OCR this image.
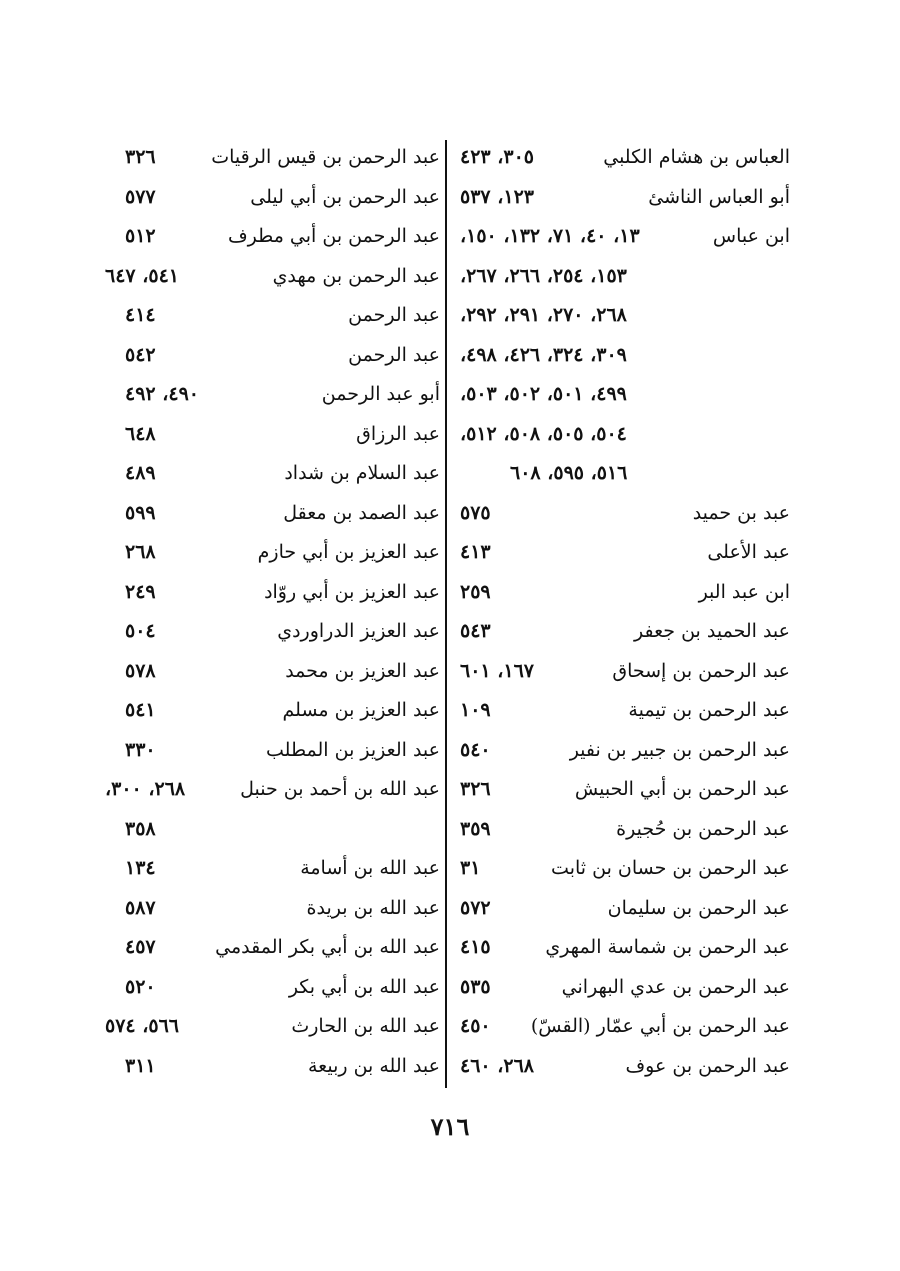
العباس بن هشام الكلبي
٣٠٥، ٤٢٣
أبو العباس الناشئ
١٢٣، ٥٣٧
ابن عباس
١٣، ٤٠، ٧١، ١٣٢، ١٥٠،
١٥٣، ٢٥٤، ٢٦٦، ٢٦٧،
٢٦٨، ٢٧٠، ٢٩١، ٢٩٢،
٣٠٩، ٣٢٤، ٤٢٦، ٤٩٨،
٤٩٩، ٥٠١، ٥٠٢، ٥٠٣،
٥٠٤، ٥٠٥، ٥٠٨، ٥١٢،
٥١٦، ٥٩٥، ٦٠٨
عبد بن حميد
٥٧٥
عبد الأعلى
٤١٣
ابن عبد البر
٢٥٩
عبد الحميد بن جعفر
٥٤٣
عبد الرحمن بن إسحاق
١٦٧، ٦٠١
عبد الرحمن بن تيمية
١٠٩
عبد الرحمن بن جبير بن نفير
٥٤٠
عبد الرحمن بن أبي الحبيش
٣٢٦
عبد الرحمن بن حُجيرة
٣٥٩
عبد الرحمن بن حسان بن ثابت
٣١
عبد الرحمن بن سليمان
٥٧٢
عبد الرحمن بن شماسة المهري
٤١٥
عبد الرحمن بن عدي البهراني
٥٣٥
عبد الرحمن بن أبي عمّار (القسّ)
٤٥٠
عبد الرحمن بن عوف
٢٦٨، ٤٦٠
عبد الرحمن بن قيس الرقيات
٣٢٦
عبد الرحمن بن أبي ليلى
٥٧٧
عبد الرحمن بن أبي مطرف
٥١٢
عبد الرحمن بن مهدي
٥٤١، ٦٤٧
عبد الرحمن
٤١٤
عبد الرحمن
٥٤٢
أبو عبد الرحمن
٤٩٠، ٤٩٢
عبد الرزاق
٦٤٨
عبد السلام بن شداد
٤٨٩
عبد الصمد بن معقل
٥٩٩
عبد العزيز بن أبي حازم
٢٦٨
عبد العزيز بن أبي روّاد
٢٤٩
عبد العزيز الدراوردي
٥٠٤
عبد العزيز بن محمد
٥٧٨
عبد العزيز بن مسلم
٥٤١
عبد العزيز بن المطلب
٣٣٠
عبد الله بن أحمد بن حنبل
٢٦٨، ٣٠٠،
٣٥٨
عبد الله بن أسامة
١٣٤
عبد الله بن بريدة
٥٨٧
عبد الله بن أبي بكر المقدمي
٤٥٧
عبد الله بن أبي بكر
٥٢٠
عبد الله بن الحارث
٥٦٦، ٥٧٤
عبد الله بن ربيعة
٣١١
٧١٦
